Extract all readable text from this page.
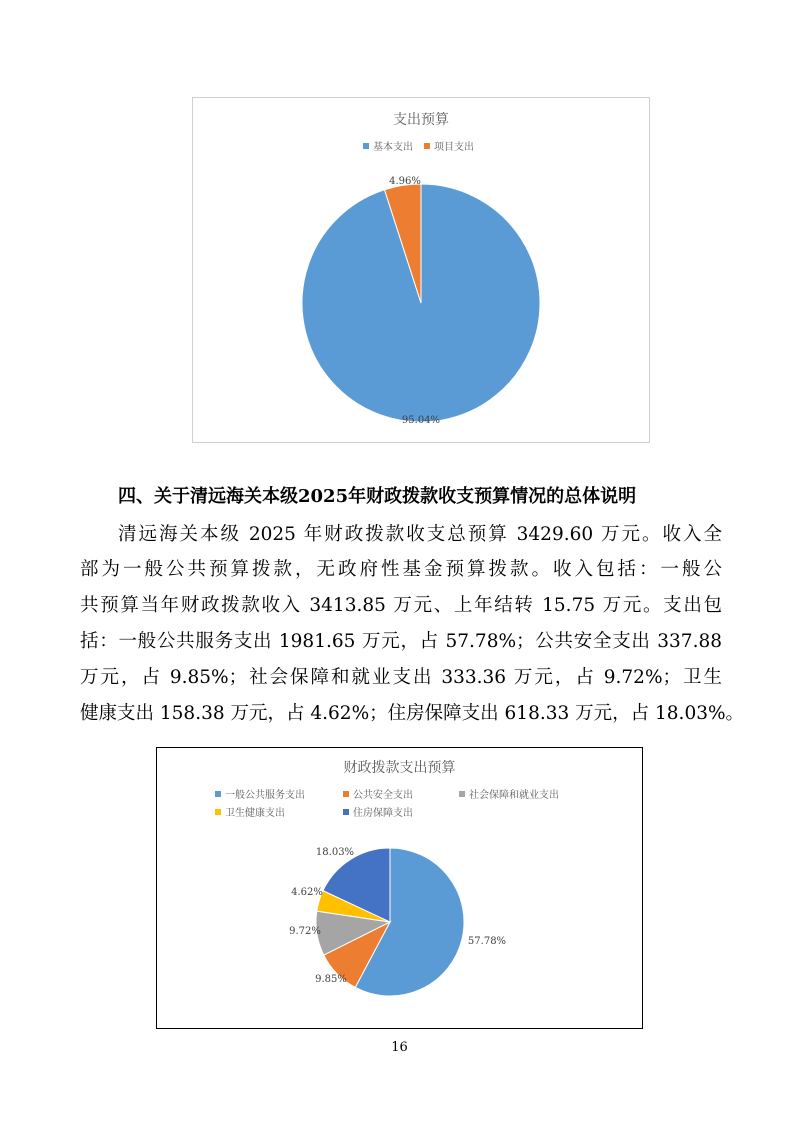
支出预算
基本支出 项目支出
95.04%
4.96%
四、关于清远海关本级2025年财政拨款收支预算情况的总体说明
清远海关本级 2025 年财政拨款收支总预算 3429.60 万元。收入全
部为一般公共预算拨款，无政府性基金预算拨款。收入包括：一般公
共预算当年财政拨款收入 3413.85 万元、上年结转 15.75 万元。支出包
括：一般公共服务支出 1981.65 万元，占 57.78%；公共安全支出 337.88
万元，占 9.85%；社会保障和就业支出 333.36 万元，占 9.72%；卫生
健康支出 158.38 万元，占 4.62%；住房保障支出 618.33 万元，占 18.03%。
财政拨款支出预算
一般公共服务支出	公共安全支出	社会保障和就业支出
卫生健康支出	住房保障支出
57.78%
9.85%
9.72%
4.62%
18.03%
16
